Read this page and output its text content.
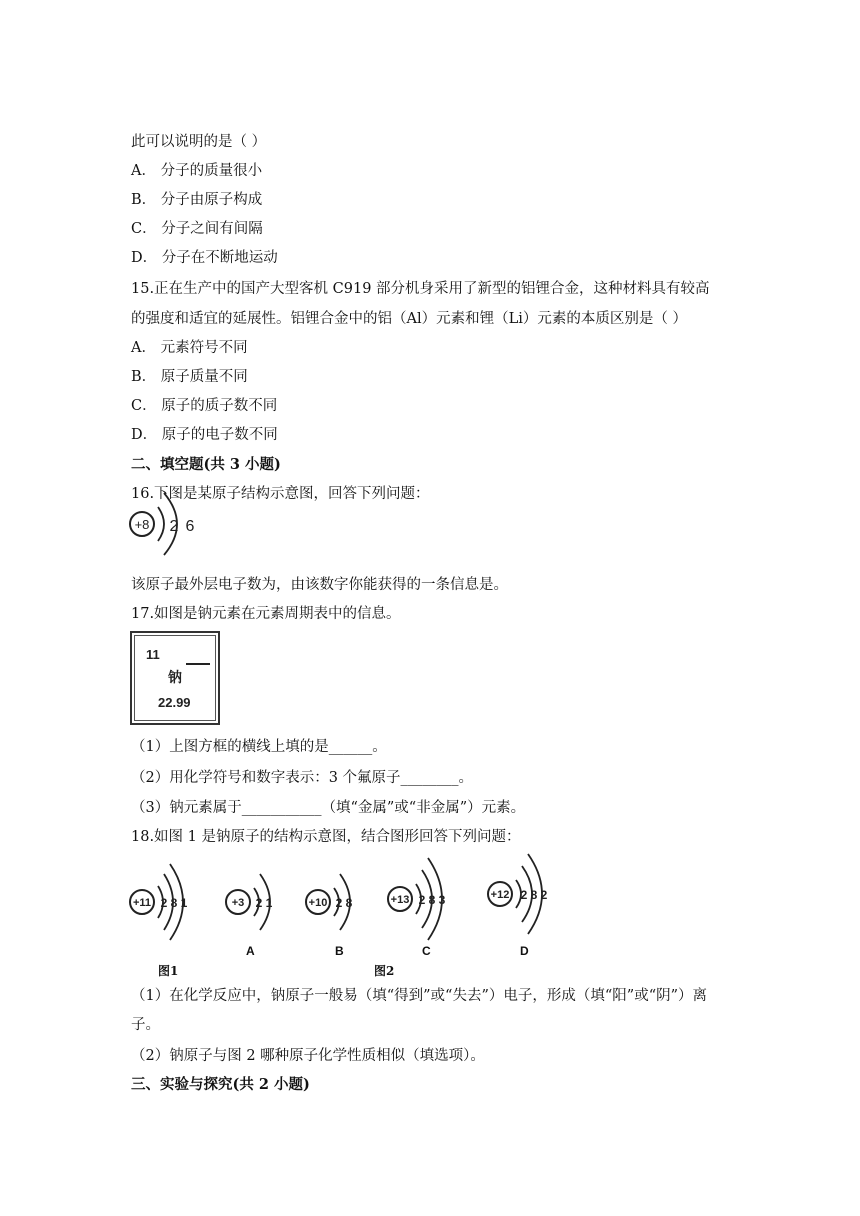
此可以说明的是（ ）
A． 分子的质量很小
B． 分子由原子构成
C． 分子之间有间隔
D． 分子在不断地运动
15.正在生产中的国产大型客机 C919 部分机身采用了新型的铝锂合金，这种材料具有较高
的强度和适宜的延展性。铝锂合金中的铝（Al）元素和锂（Li）元素的本质区别是（ ）
A． 元素符号不同
B． 原子质量不同
C． 原子的质子数不同
D． 原子的电子数不同
二、填空题(共 3 小题)
16.下图是某原子结构示意图，回答下列问题：
+8 2 6
该原子最外层电子数为，由该数字你能获得的一条信息是。
17.如图是钠元素在元素周期表中的信息。
11
钠
22.99
（1）上图方框的横线上填的是______。
（2）用化学符号和数字表示：3 个氟原子________。
（3）钠元素属于___________（填“金属”或“非金属”）元素。
18.如图 1 是钠原子的结构示意图，结合图形回答下列问题：
+11 2 8 1	+3 2 1
A
+10 2 8
B
+13 2 8 3
C
+12 2 8 2
D
图1	图2
（1）在化学反应中，钠原子一般易（填“得到”或“失去”）电子，形成（填“阳”或“阴”）离
子。
（2）钠原子与图 2 哪种原子化学性质相似（填选项）。
三、实验与探究(共 2 小题)
